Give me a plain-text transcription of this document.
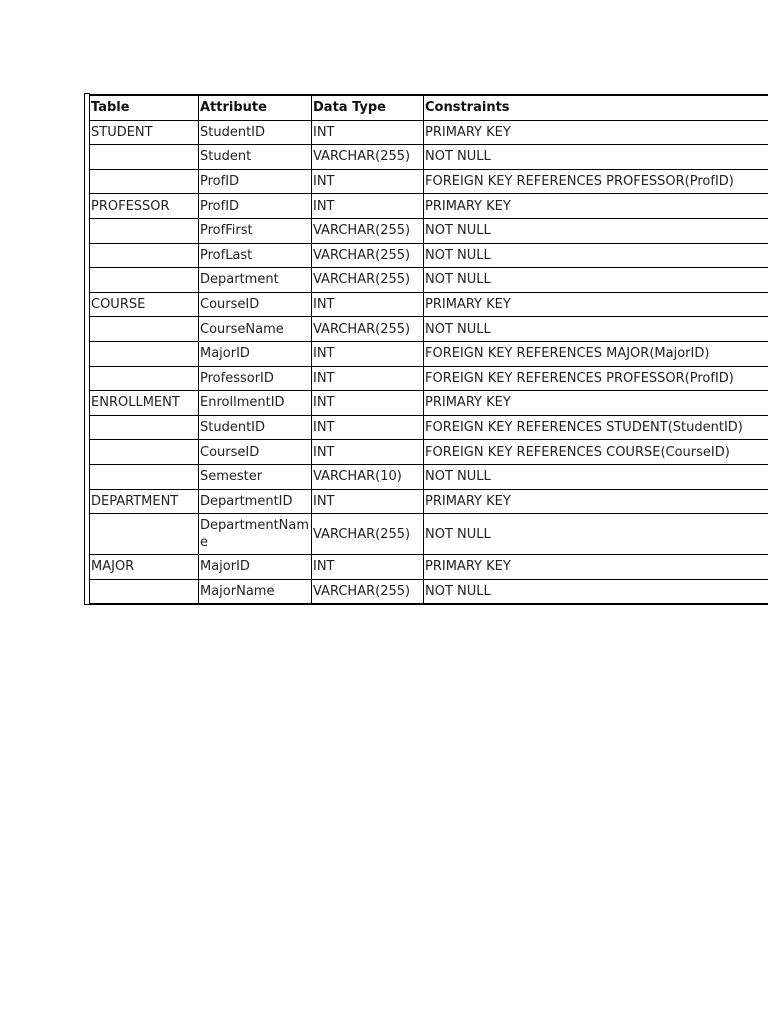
Table	Attribute	Data Type	Constraints
STUDENT	StudentID	INT	PRIMARY KEY
	Student	VARCHAR(255)	NOT NULL
	ProfID	INT	FOREIGN KEY REFERENCES PROFESSOR(ProfID)
PROFESSOR	ProfID	INT	PRIMARY KEY
	ProfFirst	VARCHAR(255)	NOT NULL
	ProfLast	VARCHAR(255)	NOT NULL
	Department	VARCHAR(255)	NOT NULL
COURSE	CourseID	INT	PRIMARY KEY
	CourseName	VARCHAR(255)	NOT NULL
	MajorID	INT	FOREIGN KEY REFERENCES MAJOR(MajorID)
	ProfessorID	INT	FOREIGN KEY REFERENCES PROFESSOR(ProfID)
ENROLLMENT	EnrollmentID	INT	PRIMARY KEY
	StudentID	INT	FOREIGN KEY REFERENCES STUDENT(StudentID)
	CourseID	INT	FOREIGN KEY REFERENCES COURSE(CourseID)
	Semester	VARCHAR(10)	NOT NULL
DEPARTMENT	DepartmentID	INT	PRIMARY KEY
	DepartmentName	VARCHAR(255)	NOT NULL
MAJOR	MajorID	INT	PRIMARY KEY
	MajorName	VARCHAR(255)	NOT NULL
